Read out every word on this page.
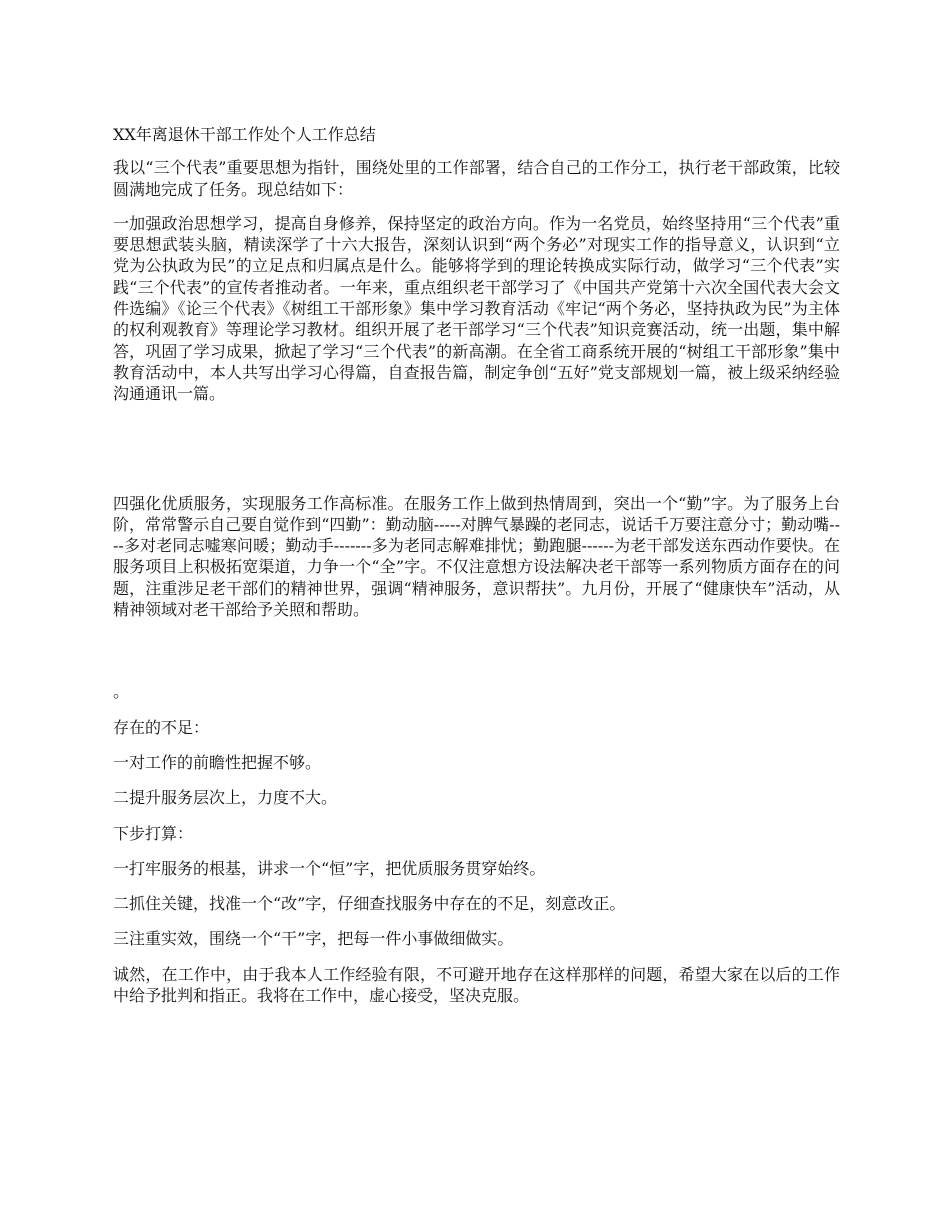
XX年离退休干部工作处个人工作总结

我以“三个代表”重要思想为指针，围绕处里的工作部署，结合自己的工作分工，执行老干部政策，比较圆满地完成了任务。现总结如下：

一加强政治思想学习，提高自身修养，保持坚定的政治方向。作为一名党员，始终坚持用“三个代表”重要思想武装头脑，精读深学了十六大报告，深刻认识到“两个务必”对现实工作的指导意义，认识到“立党为公执政为民”的立足点和归属点是什么。能够将学到的理论转换成实际行动，做学习“三个代表”实践“三个代表”的宣传者推动者。一年来，重点组织老干部学习了《中国共产党第十六次全国代表大会文件选编》《论三个代表》《树组工干部形象》集中学习教育活动《牢记“两个务必，坚持执政为民”为主体的权利观教育》等理论学习教材。组织开展了老干部学习“三个代表”知识竞赛活动，统一出题，集中解答，巩固了学习成果，掀起了学习“三个代表”的新高潮。在全省工商系统开展的“树组工干部形象”集中教育活动中，本人共写出学习心得篇，自查报告篇，制定争创“五好”党支部规划一篇，被上级采纳经验沟通通讯一篇。

四强化优质服务，实现服务工作高标准。在服务工作上做到热情周到，突出一个“勤”字。为了服务上台阶，常常警示自己要自觉作到“四勤”：勤动脑-----对脾气暴躁的老同志，说话千万要注意分寸；勤动嘴----多对老同志嘘寒问暖；勤动手-------多为老同志解难排忧；勤跑腿------为老干部发送东西动作要快。在服务项目上积极拓宽渠道，力争一个“全”字。不仅注意想方设法解决老干部等一系列物质方面存在的问题，注重涉足老干部们的精神世界，强调“精神服务，意识帮扶”。九月份，开展了“健康快车”活动，从精神领域对老干部给予关照和帮助。

。

存在的不足：

一对工作的前瞻性把握不够。

二提升服务层次上，力度不大。

下步打算：

一打牢服务的根基，讲求一个“恒”字，把优质服务贯穿始终。

二抓住关键，找准一个“改”字，仔细查找服务中存在的不足，刻意改正。

三注重实效，围绕一个“干”字，把每一件小事做细做实。

诚然，在工作中，由于我本人工作经验有限，不可避开地存在这样那样的问题，希望大家在以后的工作中给予批判和指正。我将在工作中，虚心接受，坚决克服。
